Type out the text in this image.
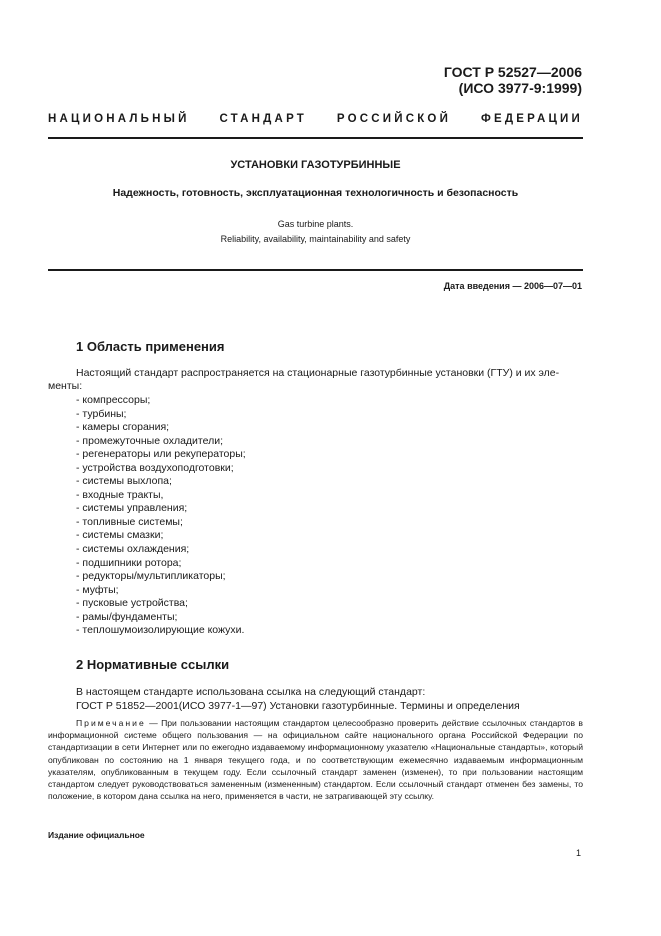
ГОСТ Р 52527—2006
(ИСО 3977-9:1999)
НАЦИОНАЛЬНЫЙ	СТАНДАРТ	РОССИЙСКОЙ	ФЕДЕРАЦИИ
УСТАНОВКИ ГАЗОТУРБИННЫЕ
Надежность, готовность, эксплуатационная технологичность и безопасность
Gas turbine plants.
Reliability, availability, maintainability and safety
Дата введения — 2006—07—01
1 Область применения
Настоящий стандарт распространяется на стационарные газотурбинные установки (ГТУ) и их эле-
менты:
- компрессоры;
- турбины;
- камеры сгорания;
- промежуточные охладители;
- регенераторы или рекуператоры;
- устройства воздухоподготовки;
- системы выхлопа;
- входные тракты,
- системы управления;
- топливные системы;
- системы смазки;
- системы охлаждения;
- подшипники ротора;
- редукторы/мультипликаторы;
- муфты;
- пусковые устройства;
- рамы/фундаменты;
- теплошумоизолирующие кожухи.
2 Нормативные ссылки
В настоящем стандарте использована ссылка на следующий стандарт:
ГОСТ Р 51852—2001(ИСО 3977-1—97) Установки газотурбинные. Термины и определения
Примечание — При пользовании настоящим стандартом целесообразно проверить действие ссылочных стандартов в информационной системе общего пользования — на официальном сайте национального органа Российской Федерации по стандартизации в сети Интернет или по ежегодно издаваемому информационному указателю «Национальные стандарты», который опубликован по состоянию на 1 января текущего года, и по соответствующим ежемесячно издаваемым информационным указателям, опубликованным в текущем году. Если ссылочный стандарт заменен (изменен), то при пользовании настоящим стандартом следует руководствоваться замененным (измененным) стандартом. Если ссылочный стандарт отменен без замены, то положение, в котором дана ссылка на него, применяется в части, не затрагивающей эту ссылку.
Издание официальное
1
